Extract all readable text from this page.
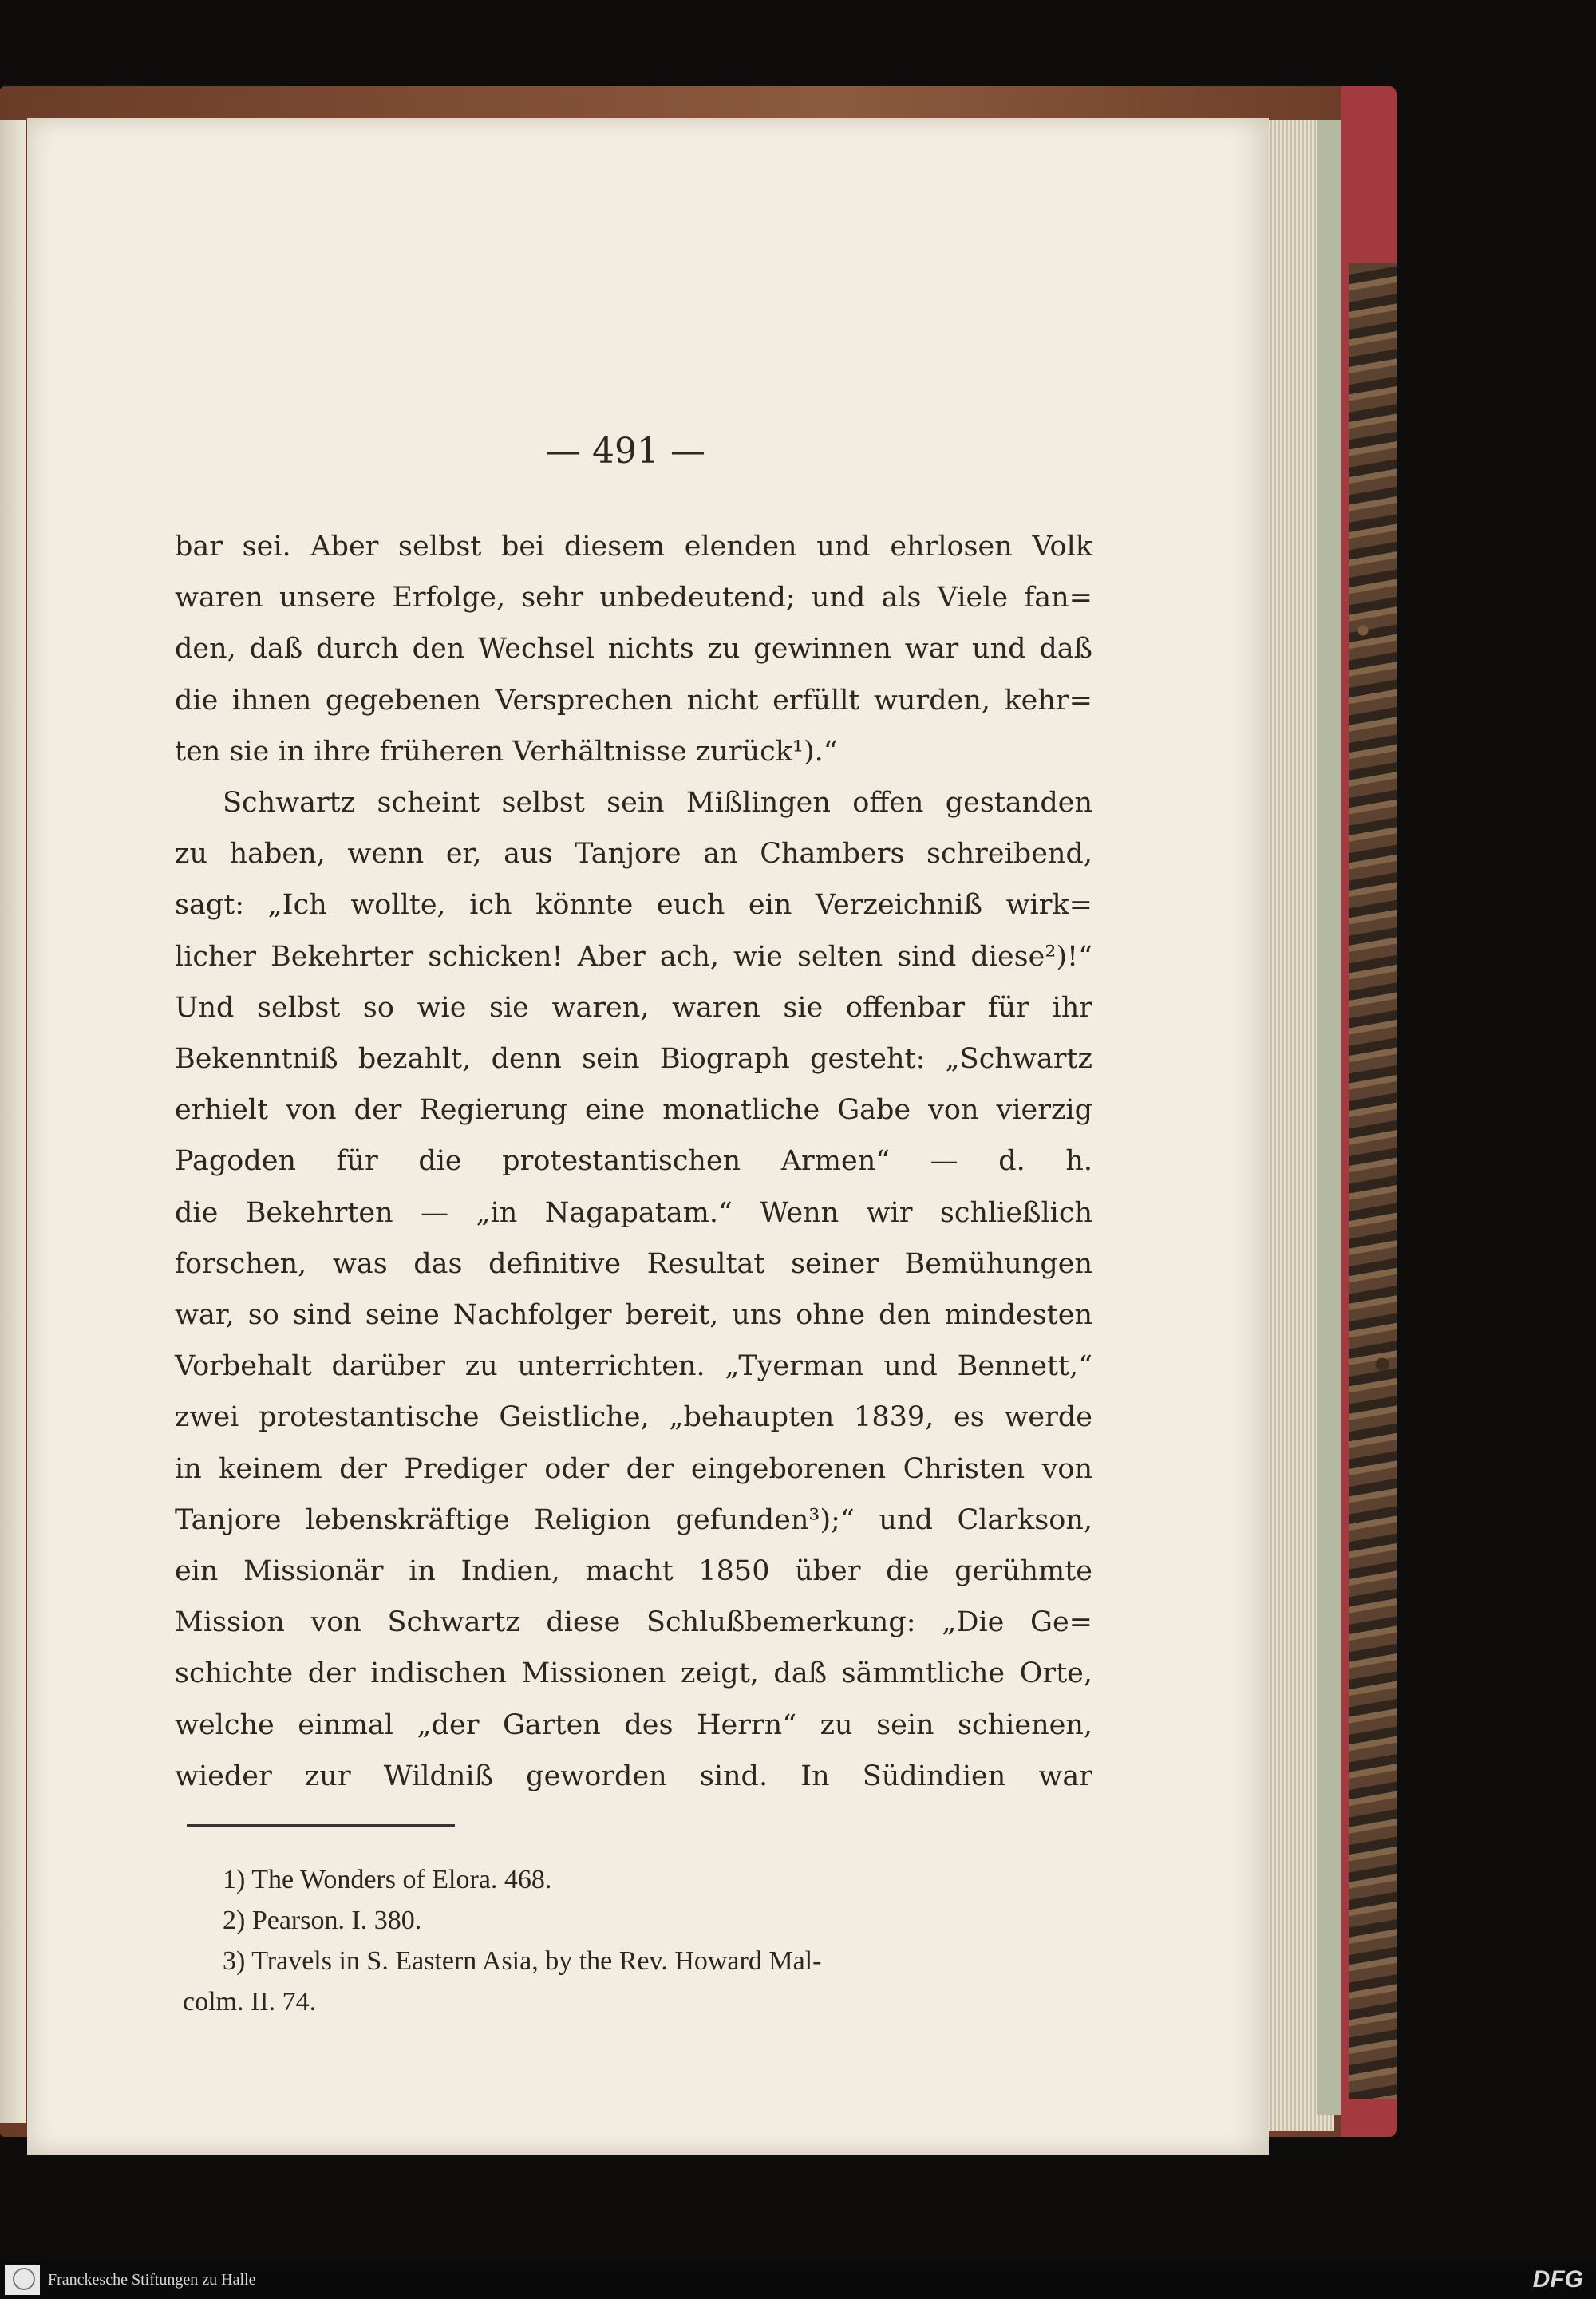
— 491 —
bar sei. Aber selbst bei diesem elenden und ehrlosen Volk
waren unsere Erfolge, sehr unbedeutend; und als Viele fan=
den, daß durch den Wechsel nichts zu gewinnen war und daß
die ihnen gegebenen Versprechen nicht erfüllt wurden, kehr=
ten sie in ihre früheren Verhältnisse zurück¹).“
Schwartz scheint selbst sein Mißlingen offen gestanden
zu haben, wenn er, aus Tanjore an Chambers schreibend,
sagt: „Ich wollte, ich könnte euch ein Verzeichniß wirk=
licher Bekehrter schicken! Aber ach, wie selten sind diese²)!“
Und selbst so wie sie waren, waren sie offenbar für ihr
Bekenntniß bezahlt, denn sein Biograph gesteht: „Schwartz
erhielt von der Regierung eine monatliche Gabe von vierzig
Pagoden für die protestantischen Armen“ — d. h.
die Bekehrten — „in Nagapatam.“ Wenn wir schließlich
forschen, was das definitive Resultat seiner Bemühungen
war, so sind seine Nachfolger bereit, uns ohne den mindesten
Vorbehalt darüber zu unterrichten. „Tyerman und Bennett,“
zwei protestantische Geistliche, „behaupten 1839, es werde
in keinem der Prediger oder der eingeborenen Christen von
Tanjore lebenskräftige Religion gefunden³);“ und Clarkson,
ein Missionär in Indien, macht 1850 über die gerühmte
Mission von Schwartz diese Schlußbemerkung: „Die Ge=
schichte der indischen Missionen zeigt, daß sämmtliche Orte,
welche einmal „der Garten des Herrn“ zu sein schienen,
wieder zur Wildniß geworden sind. In Südindien war
1) The Wonders of Elora. 468.
2) Pearson. I. 380.
3) Travels in S. Eastern Asia, by the Rev. Howard Mal-
colm. II. 74.
Franckesche Stiftungen zu Halle	DFG
